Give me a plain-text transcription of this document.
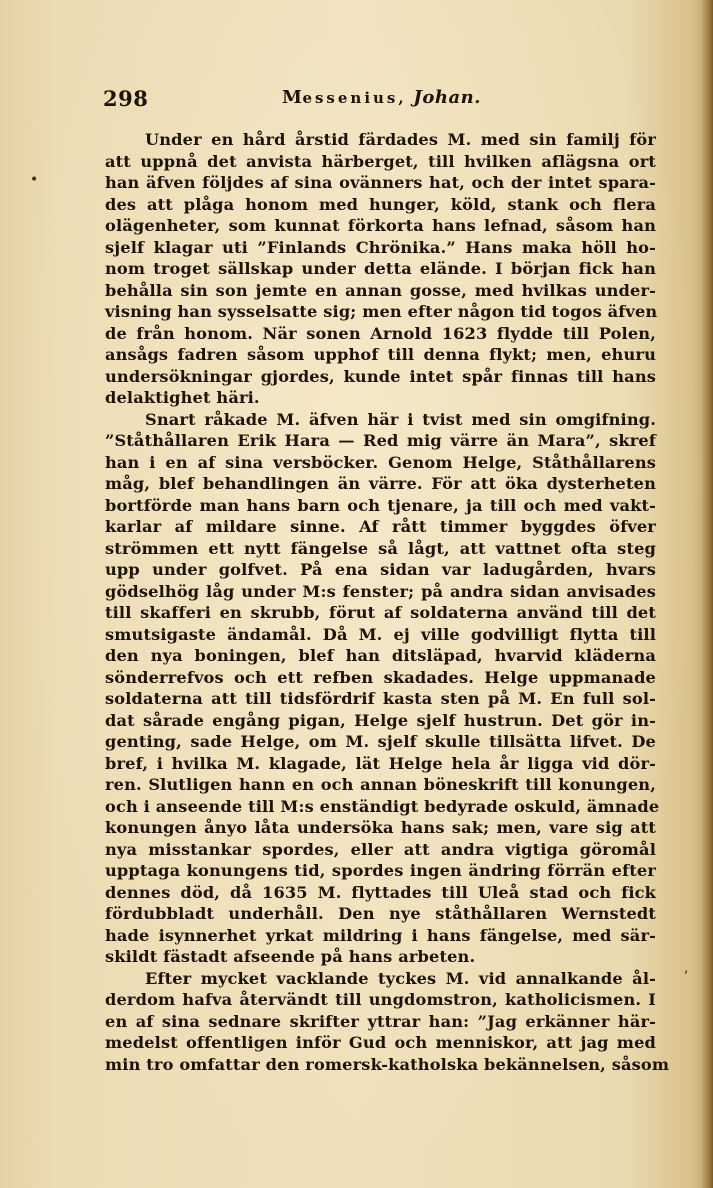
298	Messenius, Johan.
Under en hård årstid färdades M. med sin familj för
att uppnå det anvista härberget, till hvilken aflägsna ort
han äfven följdes af sina ovänners hat, och der intet spara-
des att plåga honom med hunger, köld, stank och flera
olägenheter, som kunnat förkorta hans lefnad, såsom han
sjelf klagar uti ”Finlands Chrönika.” Hans maka höll ho-
nom troget sällskap under detta elände. I början fick han
behålla sin son jemte en annan gosse, med hvilkas under-
visning han sysselsatte sig; men efter någon tid togos äfven
de från honom. När sonen Arnold 1623 flydde till Polen,
ansågs fadren såsom upphof till denna flykt; men, ehuru
undersökningar gjordes, kunde intet spår finnas till hans
delaktighet häri.
Snart råkade M. äfven här i tvist med sin omgifning.
”Ståthållaren Erik Hara — Red mig värre än Mara”, skref
han i en af sina versböcker. Genom Helge, Ståthållarens
måg, blef behandlingen än värre. För att öka dysterheten
bortförde man hans barn och tjenare, ja till och med vakt-
karlar af mildare sinne. Af rått timmer byggdes öfver
strömmen ett nytt fängelse så lågt, att vattnet ofta steg
upp under golfvet. På ena sidan var ladugården, hvars
gödselhög låg under M:s fenster; på andra sidan anvisades
till skafferi en skrubb, förut af soldaterna använd till det
smutsigaste ändamål. Då M. ej ville godvilligt flytta till
den nya boningen, blef han ditsläpad, hvarvid kläderna
sönderrefvos och ett refben skadades. Helge uppmanade
soldaterna att till tidsfördrif kasta sten på M. En full sol-
dat sårade engång pigan, Helge sjelf hustrun. Det gör in-
genting, sade Helge, om M. sjelf skulle tillsätta lifvet. De
bref, i hvilka M. klagade, lät Helge hela år ligga vid dör-
ren. Slutligen hann en och annan böneskrift till konungen,
och i anseende till M:s enständigt bedyrade oskuld, ämnade
konungen ånyo låta undersöka hans sak; men, vare sig att
nya misstankar spordes, eller att andra vigtiga göromål
upptaga konungens tid, spordes ingen ändring förrän efter
dennes död, då 1635 M. flyttades till Uleå stad och fick
fördubbladt underhåll. Den nye ståthållaren Wernstedt
hade isynnerhet yrkat mildring i hans fängelse, med sär-
skildt fästadt afseende på hans arbeten.
Efter mycket vacklande tyckes M. vid annalkande ål-
derdom hafva återvändt till ungdomstron, katholicismen. I
en af sina sednare skrifter yttrar han: ”Jag erkänner här-
medelst offentligen inför Gud och menniskor, att jag med
min tro omfattar den romersk-katholska bekännelsen, såsom
•
,
